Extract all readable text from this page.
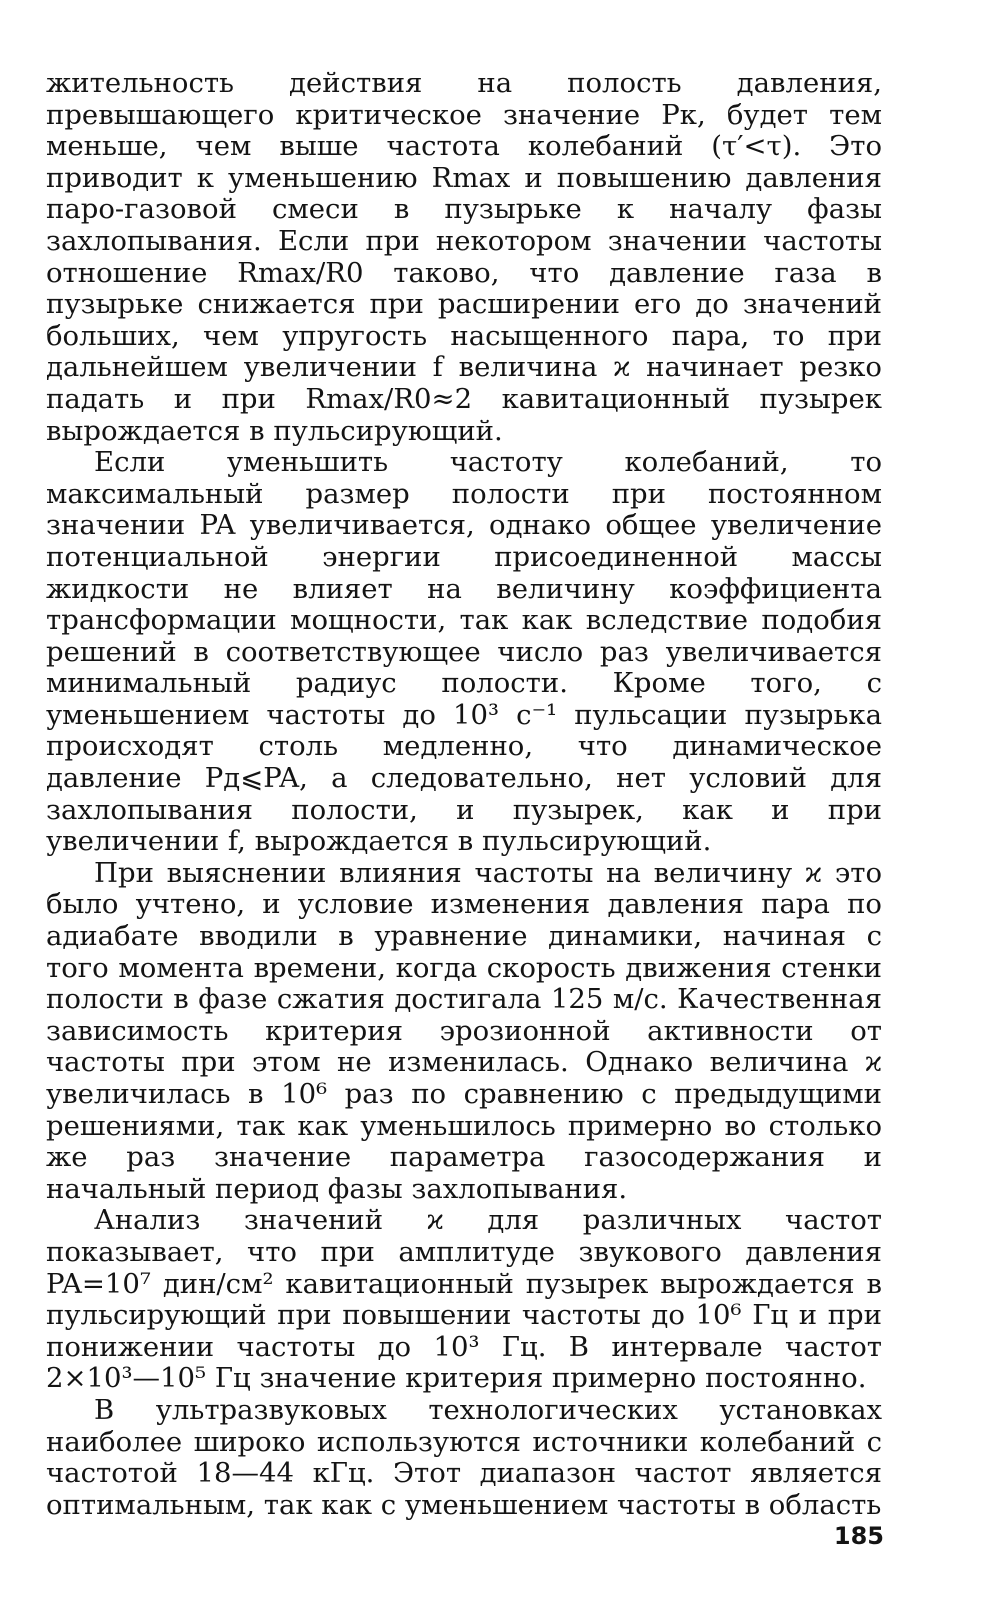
жительность действия на полость давления, превышающего критическое значение Pк, будет тем меньше, чем выше частота колебаний (τ′<τ). Это приводит к уменьшению Rmax и повышению давления паро-газовой смеси в пузырьке к началу фазы захлопывания. Если при некотором значении частоты отношение Rmax/R0 таково, что давление газа в пузырьке снижается при расширении его до значений больших, чем упругость насыщенного пара, то при дальнейшем увеличении f величина ϰ начинает резко падать и при Rmax/R0≈2 кавитационный пузырек вырождается в пульсирующий.

Если уменьшить частоту колебаний, то максимальный размер полости при постоянном значении PA увеличивается, однако общее увеличение потенциальной энергии присоединенной массы жидкости не влияет на величину коэффициента трансформации мощности, так как вследствие подобия решений в соответствующее число раз увеличивается минимальный радиус полости. Кроме того, с уменьшением частоты до 10³ с⁻¹ пульсации пузырька происходят столь медленно, что динамическое давление Pд⩽PA, а следовательно, нет условий для захлопывания полости, и пузырек, как и при увеличении f, вырождается в пульсирующий.

При выяснении влияния частоты на величину ϰ это было учтено, и условие изменения давления пара по адиабате вводили в уравнение динамики, начиная с того момента времени, когда скорость движения стенки полости в фазе сжатия достигала 125 м/с. Качественная зависимость критерия эрозионной активности от частоты при этом не изменилась. Однако величина ϰ увеличилась в 10⁶ раз по сравнению с предыдущими решениями, так как уменьшилось примерно во столько же раз значение параметра газосодержания и начальный период фазы захлопывания.

Анализ значений ϰ для различных частот показывает, что при амплитуде звукового давления PA=10⁷ дин/см² кавитационный пузырек вырождается в пульсирующий при повышении частоты до 10⁶ Гц и при понижении частоты до 10³ Гц. В интервале частот 2×10³—10⁵ Гц значение критерия примерно постоянно.

В ультразвуковых технологических установках наиболее широко используются источники колебаний с частотой 18—44 кГц. Этот диапазон частот является оптимальным, так как с уменьшением частоты в область

185
